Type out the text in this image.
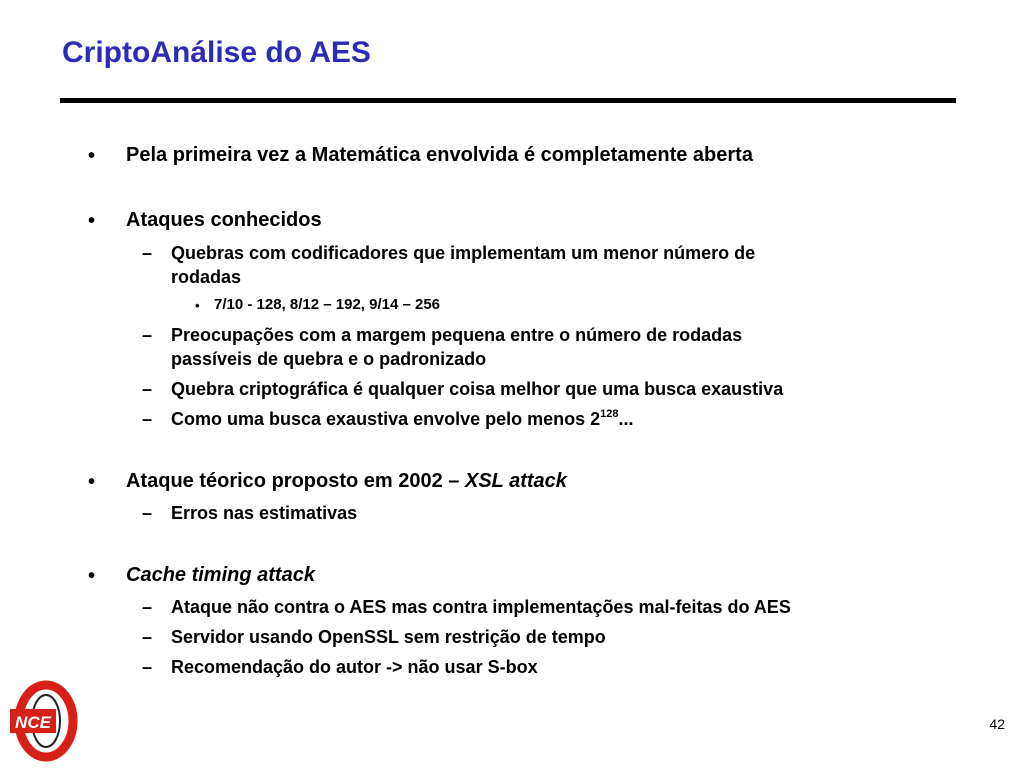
CriptoAnálise do AES
• Pela primeira vez a Matemática envolvida é completamente aberta
• Ataques conhecidos
– Quebras com codificadores que implementam um menor número de
rodadas
• 7/10 - 128, 8/12 – 192, 9/14 – 256
– Preocupações com a margem pequena entre o número de rodadas
passíveis de quebra e o padronizado
– Quebra criptográfica é qualquer coisa melhor que uma busca exaustiva
– Como uma busca exaustiva envolve pelo menos $2^{128}$...
• Ataque téorico proposto em 2002 – XSL attack
– Erros nas estimativas
• Cache timing attack
– Ataque não contra o AES mas contra implementações mal-feitas do AES
– Servidor usando OpenSSL sem restrição de tempo
– Recomendação do autor -> não usar S-box
NCE	42
